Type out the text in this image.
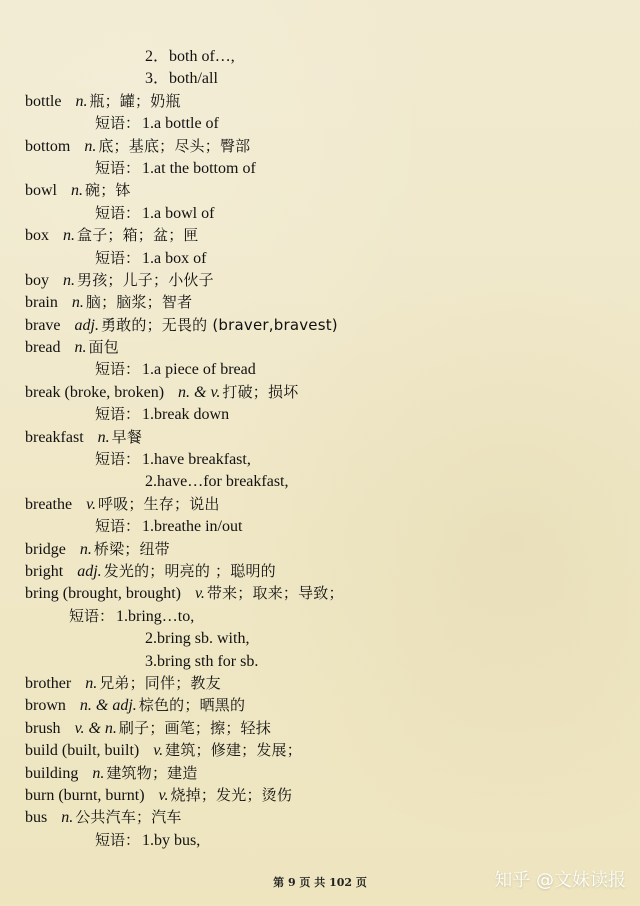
2．both of…,
3．both/all
bottle n. 瓶；罐；奶瓶
短语： 1.a bottle of
bottom n. 底；基底；尽头；臀部
短语： 1.at the bottom of
bowl n. 碗；钵
短语： 1.a bowl of
box n. 盒子；箱；盆；匣
短语： 1.a box of
boy n. 男孩；儿子；小伙子
brain n. 脑；脑浆；智者
brave adj. 勇敢的；无畏的 (braver,bravest)
bread n. 面包
短语： 1.a piece of bread
break (broke, broken) n. & v. 打破；损坏
短语： 1.break down
breakfast n. 早餐
短语： 1.have breakfast,
2.have…for breakfast,
breathe v. 呼吸；生存；说出
短语： 1.breathe in/out
bridge n. 桥梁；纽带
bright adj. 发光的；明亮的 ；聪明的
bring (brought, brought) v. 带来；取来；导致；
短语： 1.bring…to,
2.bring sb. with,
3.bring sth for sb.
brother n. 兄弟；同伴；教友
brown n. & adj. 棕色的；晒黑的
brush v. & n. 刷子；画笔；擦；轻抹
build (built, built) v. 建筑；修建；发展；
building n. 建筑物；建造
burn (burnt, burnt) v. 烧掉；发光；烫伤
bus n. 公共汽车；汽车
短语： 1.by bus,
第 9 页 共 102 页	知乎 @文妹读报
